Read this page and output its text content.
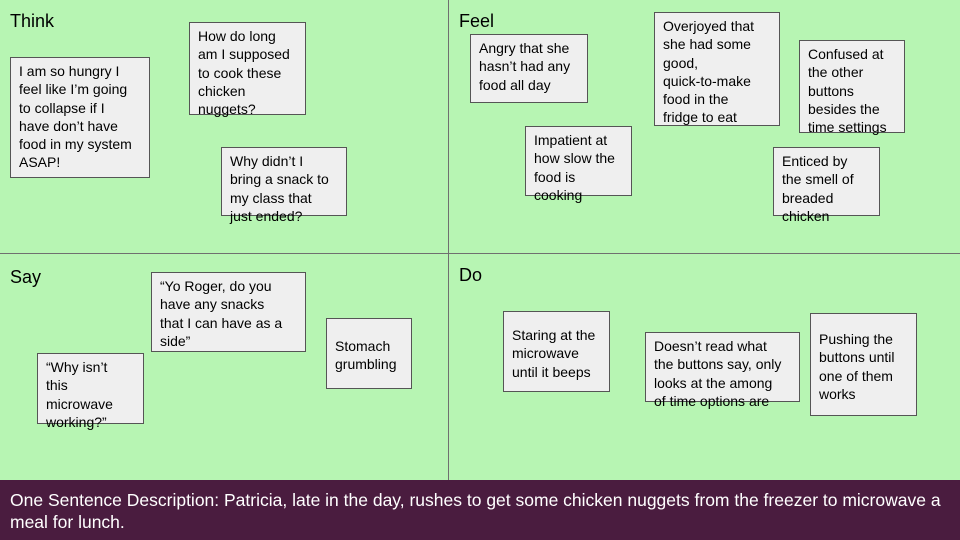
Think
I am so hungry I
feel like I’m going
to collapse if I
have don’t have
food in my system
ASAP!
How do long
am I supposed
to cook these
chicken
nuggets?
Why didn’t I
bring a snack to
my class that
just ended?
Feel
Angry that she
hasn’t had any
food all day
Overjoyed that
she had some
good,
quick-to-make
food in the
fridge to eat
Confused at
the other
buttons
besides the
time settings
Impatient at
how slow the
food is
cooking
Enticed by
the smell of
breaded
chicken
Say	“Yo Roger, do you
have any snacks
that I can have as a
side”
“Why isn’t
this
microwave
working?”
Stomach
grumbling
Do
Staring at the
microwave
until it beeps
Doesn’t read what
the buttons say, only
looks at the among
of time options are
Pushing the
buttons until
one of them
works
One Sentence Description: Patricia, late in the day, rushes to get some chicken nuggets from the freezer to microwave a meal for lunch.
